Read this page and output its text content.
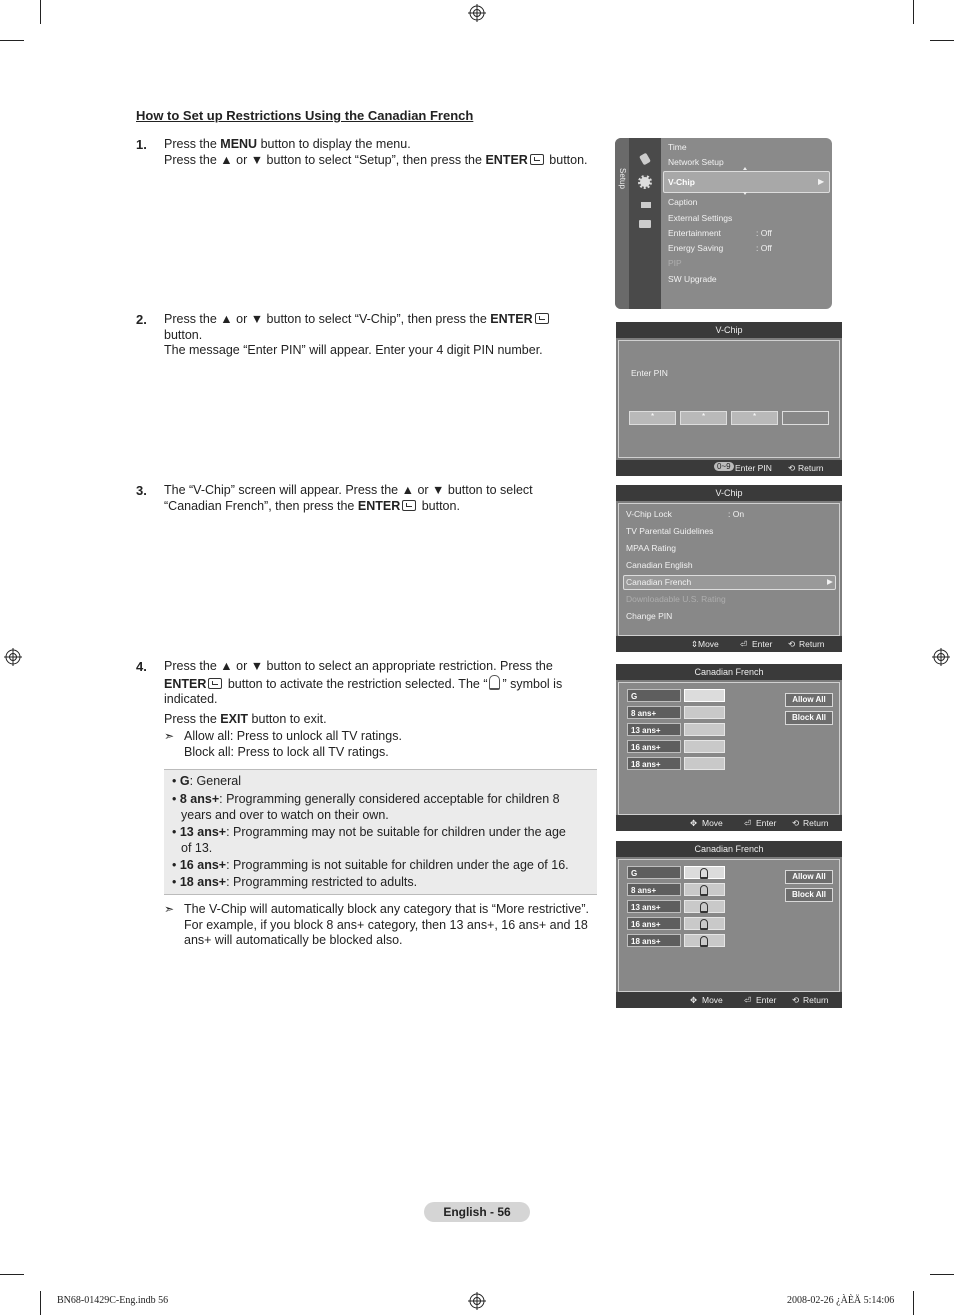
How to Set up Restrictions Using the Canadian French
1. Press the MENU button to display the menu.
Press the ▲ or ▼ button to select “Setup”, then press the ENTER button.
2. Press the ▲ or ▼ button to select “V-Chip”, then press the ENTER
button.
The message “Enter PIN” will appear. Enter your 4 digit PIN number.
3. The “V-Chip” screen will appear. Press the ▲ or ▼ button to select
“Canadian French”, then press the ENTER button.
4. Press the ▲ or ▼ button to select an appropriate restriction. Press the
ENTER button to activate the restriction selected. The “ ” symbol is
indicated.
Press the EXIT button to exit.
➣ Allow all: Press to unlock all TV ratings.
Block all: Press to lock all TV ratings.
• G: General
• 8 ans+: Programming generally considered acceptable for children 8
years and over to watch on their own.
• 13 ans+: Programming may not be suitable for children under the age
of 13.
• 16 ans+: Programming is not suitable for children under the age of 16.
• 18 ans+: Programming restricted to adults.
➣ The V-Chip will automatically block any category that is “More restrictive”.
For example, if you block 8 ans+ category, then 13 ans+, 16 ans+ and 18
ans+ will automatically be blocked also.
Setup
Time
Network Setup
V-Chip	▶
Caption
External Settings
Entertainment	: Off
Energy Saving	: Off
PIP
SW Upgrade
V-Chip
Enter PIN
*	*	*
0~9 Enter PIN ⟲ Return
V-Chip
V-Chip Lock	: On
TV Parental Guidelines
MPAA Rating
Canadian English
Canadian French	▶
Downloadable U.S. Rating
Change PIN
⇕ Move ⏎ Enter ⟲ Return
Canadian French
G
8 ans+
13 ans+
16 ans+
18 ans+
Allow All
Block All
✥ Move ⏎ Enter ⟲ Return
Canadian French
G
8 ans+
13 ans+
16 ans+
18 ans+
Allow All
Block All
✥ Move ⏎ Enter ⟲ Return
English - 56
BN68-01429C-Eng.indb 56	2008-02-26 ¿ÀÈÄ 5:14:06
